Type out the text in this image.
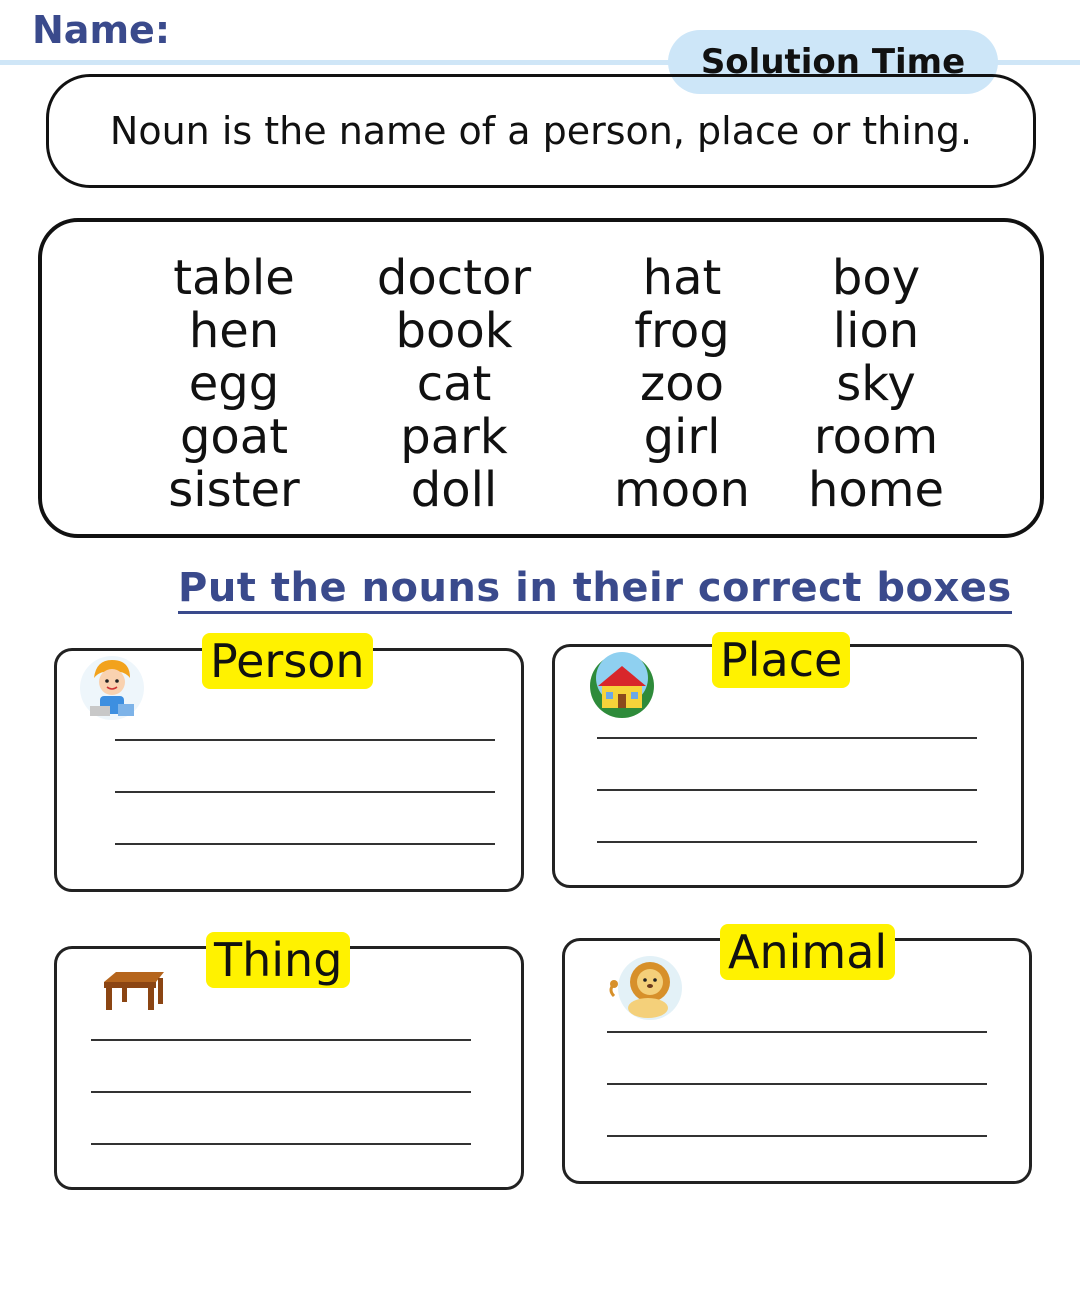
Name:
Solution Time
Noun is the name of a person, place or thing.
table
hen
egg
goat
sister
doctor
book
cat
park
doll
hat
frog
zoo
girl
moon
boy
lion
sky
room
home
Put the nouns in their correct boxes
Person	Place
Thing	Animal
